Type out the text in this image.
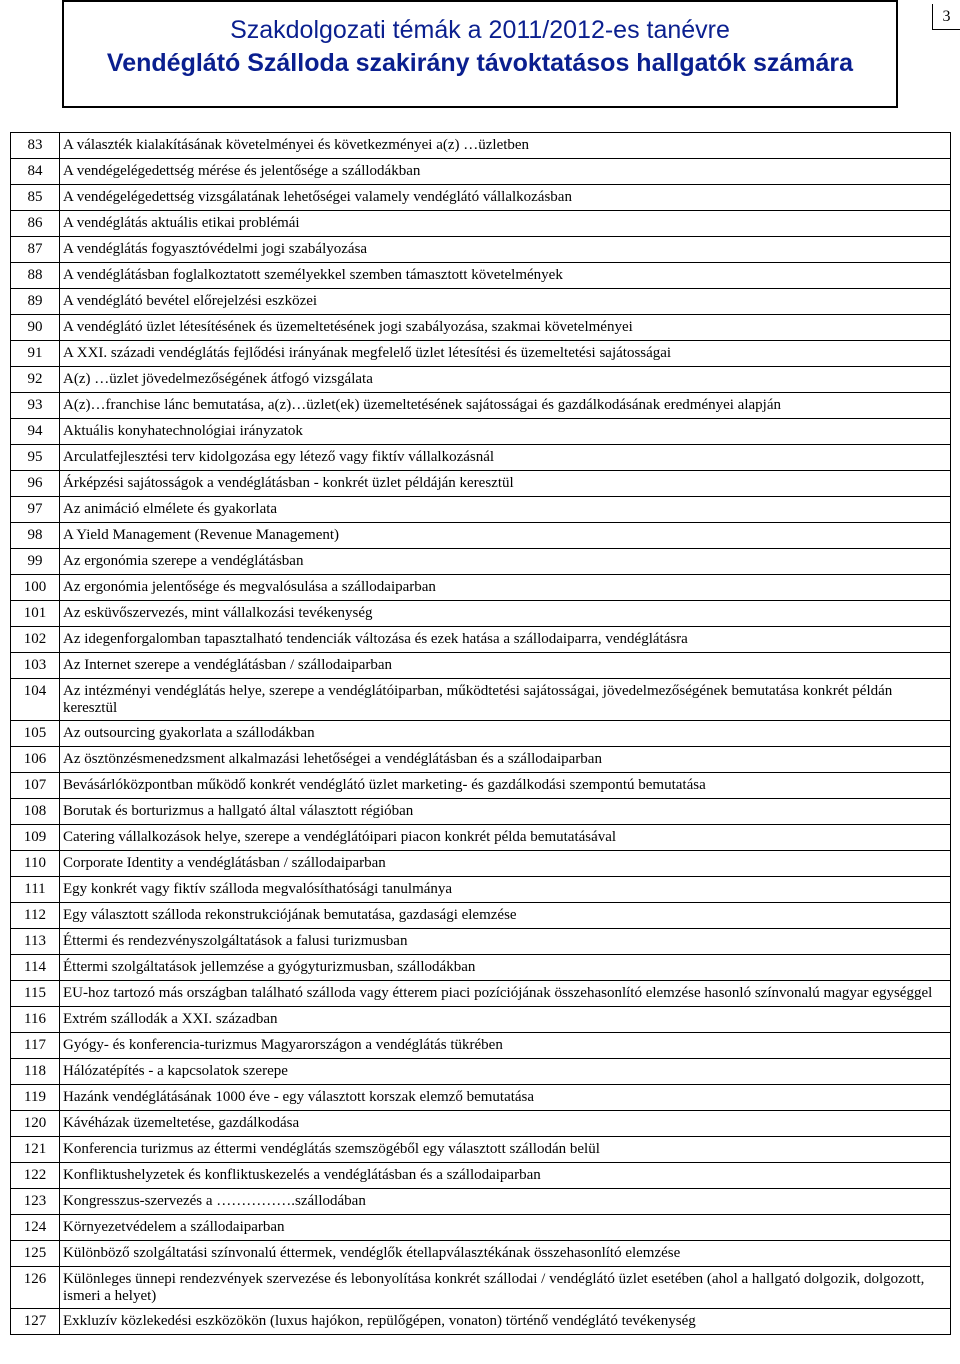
Szakdolgozati témák a 2011/2012-es tanévre
Vendéglátó Szálloda szakirány távoktatásos hallgatók számára
3
83	A választék kialakításának követelményei és következményei a(z) …üzletben
84	A vendégelégedettség mérése és jelentősége a szállodákban
85	A vendégelégedettség vizsgálatának lehetőségei valamely vendéglátó vállalkozásban
86	A vendéglátás aktuális etikai problémái
87	A vendéglátás fogyasztóvédelmi jogi szabályozása
88	A vendéglátásban foglalkoztatott személyekkel szemben támasztott követelmények
89	A vendéglátó bevétel előrejelzési eszközei
90	A vendéglátó üzlet létesítésének és üzemeltetésének jogi szabályozása, szakmai követelményei
91	A XXI. századi vendéglátás fejlődési irányának megfelelő üzlet létesítési és üzemeltetési sajátosságai
92	A(z) …üzlet jövedelmezőségének átfogó vizsgálata
93	A(z)…franchise lánc bemutatása, a(z)…üzlet(ek) üzemeltetésének sajátosságai és gazdálkodásának eredményei alapján
94	Aktuális konyhatechnológiai irányzatok
95	Arculatfejlesztési terv kidolgozása egy létező vagy fiktív vállalkozásnál
96	Árképzési sajátosságok a vendéglátásban - konkrét üzlet példáján keresztül
97	Az animáció elmélete és gyakorlata
98	A Yield Management (Revenue Management)
99	Az ergonómia szerepe a vendéglátásban
100	Az ergonómia jelentősége és megvalósulása a szállodaiparban
101	Az esküvőszervezés, mint vállalkozási tevékenység
102	Az idegenforgalomban tapasztalható tendenciák változása és ezek hatása a szállodaiparra, vendéglátásra
103	Az Internet szerepe a vendéglátásban / szállodaiparban
104	Az intézményi vendéglátás helye, szerepe a vendéglátóiparban, működtetési sajátosságai, jövedelmezőségének bemutatása konkrét példán keresztül
105	Az outsourcing gyakorlata a szállodákban
106	Az ösztönzésmenedzsment alkalmazási lehetőségei a vendéglátásban és a szállodaiparban
107	Bevásárlóközpontban működő konkrét vendéglátó üzlet marketing- és gazdálkodási szempontú bemutatása
108	Borutak és borturizmus a hallgató által választott régióban
109	Catering vállalkozások helye, szerepe a vendéglátóipari piacon konkrét példa bemutatásával
110	Corporate Identity a vendéglátásban / szállodaiparban
111	Egy konkrét vagy fiktív szálloda megvalósíthatósági tanulmánya
112	Egy választott szálloda rekonstrukciójának bemutatása, gazdasági elemzése
113	Éttermi és rendezvényszolgáltatások a falusi turizmusban
114	Éttermi szolgáltatások jellemzése a gyógyturizmusban, szállodákban
115	EU-hoz tartozó más országban található szálloda vagy étterem piaci pozíciójának összehasonlító elemzése hasonló színvonalú magyar egységgel
116	Extrém szállodák a XXI. században
117	Gyógy- és konferencia-turizmus Magyarországon a vendéglátás tükrében
118	Hálózatépítés - a kapcsolatok szerepe
119	Hazánk vendéglátásának 1000 éve - egy választott korszak elemző bemutatása
120	Kávéházak üzemeltetése, gazdálkodása
121	Konferencia turizmus az éttermi vendéglátás szemszögéből egy választott szállodán belül
122	Konfliktushelyzetek és konfliktuskezelés a vendéglátásban és a szállodaiparban
123	Kongresszus-szervezés a …………….szállodában
124	Környezetvédelem a szállodaiparban
125	Különböző szolgáltatási színvonalú éttermek, vendéglők étellapválasztékának összehasonlító elemzése
126	Különleges ünnepi rendezvények szervezése és lebonyolítása konkrét szállodai / vendéglátó üzlet esetében (ahol a hallgató dolgozik, dolgozott, ismeri a helyet)
127	Exkluzív közlekedési eszközökön (luxus hajókon, repülőgépen, vonaton) történő vendéglátó tevékenység
